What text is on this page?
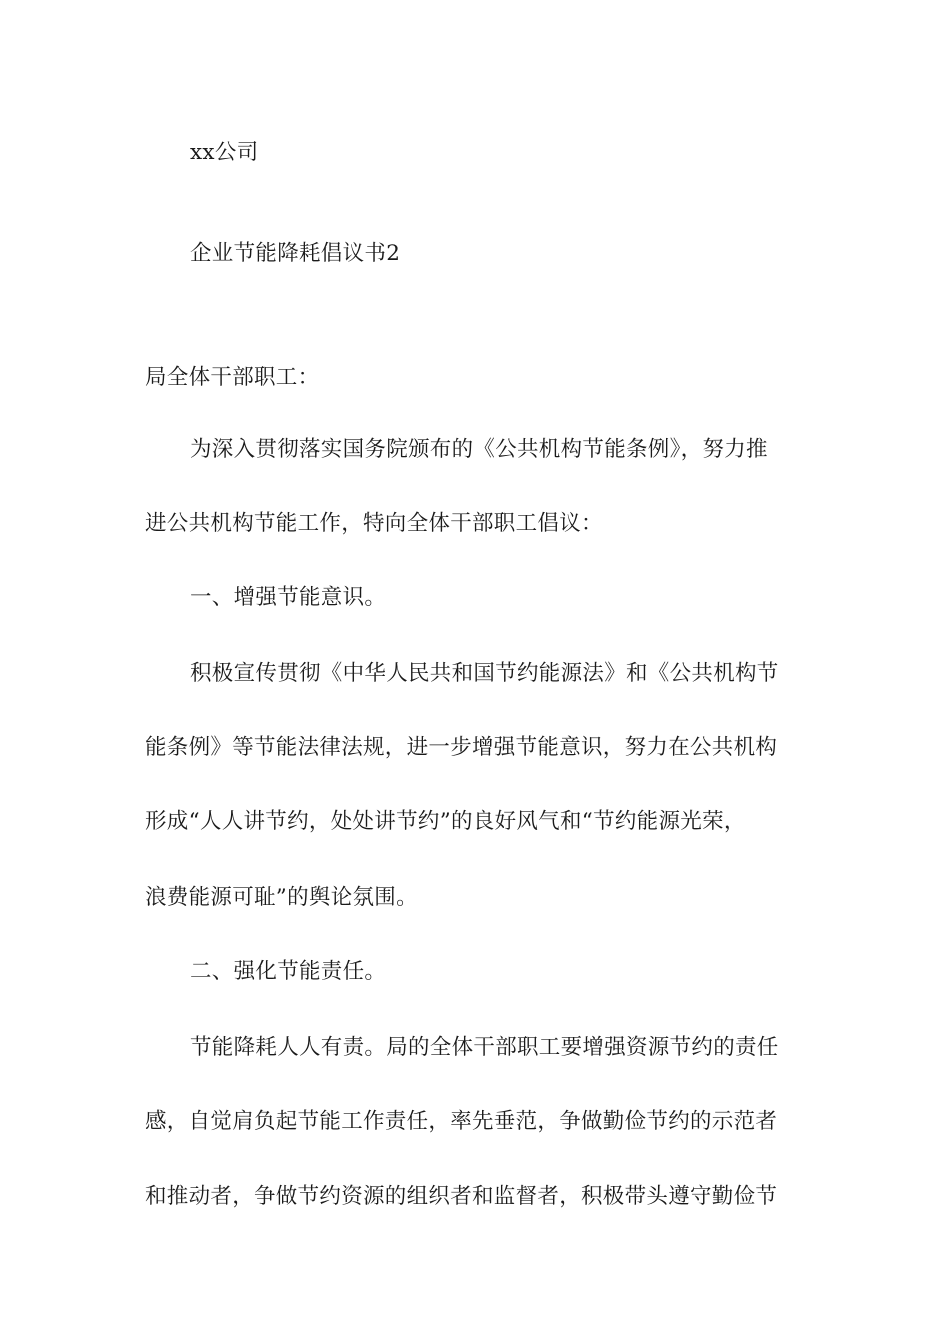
xx公司
企业节能降耗倡议书2
局全体干部职工：
为深入贯彻落实国务院颁布的《公共机构节能条例》，努力推
进公共机构节能工作，特向全体干部职工倡议：
一、增强节能意识。
积极宣传贯彻《中华人民共和国节约能源法》和《公共机构节
能条例》等节能法律法规，进一步增强节能意识，努力在公共机构
形成“人人讲节约，处处讲节约”的良好风气和“节约能源光荣，
浪费能源可耻”的舆论氛围。
二、强化节能责任。
节能降耗人人有责。局的全体干部职工要增强资源节约的责任
感，自觉肩负起节能工作责任，率先垂范，争做勤俭节约的示范者
和推动者，争做节约资源的组织者和监督者，积极带头遵守勤俭节
